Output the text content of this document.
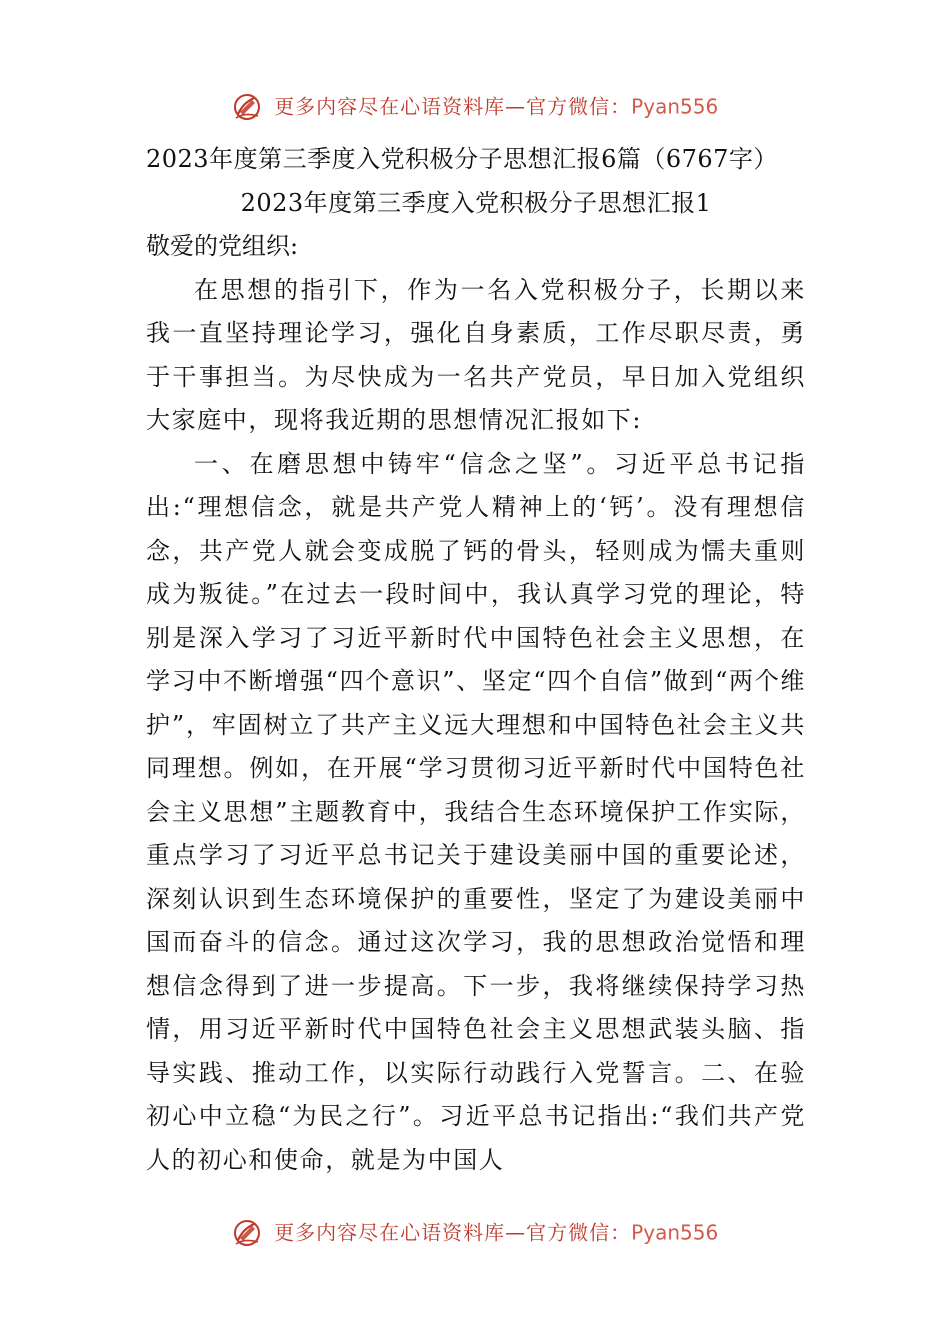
更多内容尽在心语资料库—官方微信：Pyan556
2023年度第三季度入党积极分子思想汇报6篇（6767字）
2023年度第三季度入党积极分子思想汇报1

敬爱的党组织:

在思想的指引下，作为一名入党积极分子，长期以来我一直坚持理论学习，强化自身素质，工作尽职尽责，勇于干事担当。为尽快成为一名共产党员，早日加入党组织大家庭中，现将我近期的思想情况汇报如下:

一、在磨思想中铸牢“信念之坚”。习近平总书记指出:“理想信念，就是共产党人精神上的‘钙’。没有理想信念，共产党人就会变成脱了钙的骨头，轻则成为懦夫重则成为叛徒。”在过去一段时间中，我认真学习党的理论，特别是深入学习了习近平新时代中国特色社会主义思想，在学习中不断增强“四个意识”、坚定“四个自信”做到“两个维护”，牢固树立了共产主义远大理想和中国特色社会主义共同理想。例如，在开展“学习贯彻习近平新时代中国特色社会主义思想”主题教育中，我结合生态环境保护工作实际，重点学习了习近平总书记关于建设美丽中国的重要论述，深刻认识到生态环境保护的重要性，坚定了为建设美丽中国而奋斗的信念。通过这次学习，我的思想政治觉悟和理想信念得到了进一步提高。下一步，我将继续保持学习热情，用习近平新时代中国特色社会主义思想武装头脑、指导实践、推动工作，以实际行动践行入党誓言。二、在验初心中立稳“为民之行”。习近平总书记指出:“我们共产党人的初心和使命，就是为中国人

更多内容尽在心语资料库—官方微信：Pyan556
